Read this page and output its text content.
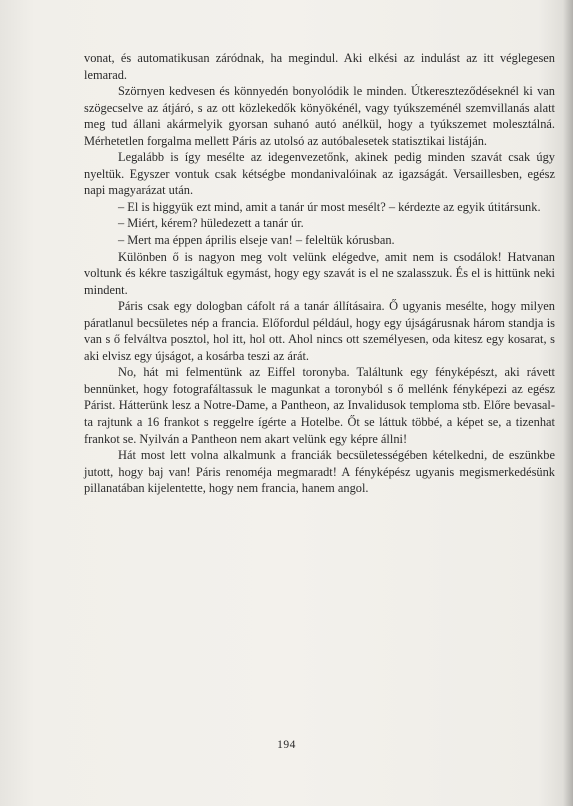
vonat, és automatikusan záródnak, ha megindul. Aki elkési az indulást az itt véglegesen lemarad.

Szörnyen kedvesen és könnyedén bonyolódik le minden. Útkereszteződéseknél ki van szögecselve az átjáró, s az ott közlekedők könyökénél, vagy tyúkszeménél szemvillanás alatt meg tud állani akármelyik gyorsan suhanó autó anélkül, hogy a tyúkszemet molesztálná. Mérhetetlen forgalma mellett Páris az utolsó az autóbalesetek statisztikai listáján.

Legalább is így mesélte az idegenvezetőnk, akinek pedig minden szavát csak úgy nyeltük. Egyszer vontuk csak kétségbe mondanivalóinak az igazságát. Versaillesben, egész napi magyarázat után.

– El is higgyük ezt mind, amit a tanár úr most mesélt? – kérdezte az egyik útitársunk.

– Miért, kérem? hüledezett a tanár úr.

– Mert ma éppen április elseje van! – feleltük kórusban.

Különben ő is nagyon meg volt velünk elégedve, amit nem is csodálok! Hatvanan voltunk és kékre taszigáltuk egymást, hogy egy szavát is el ne szalasszuk. És el is hittünk neki mindent.

Páris csak egy dologban cáfolt rá a tanár állításaira. Ő ugyanis mesélte, hogy milyen páratlanul becsületes nép a francia. Előfordul például, hogy egy újságárusnak három standja is van s ő felváltva posztol, hol itt, hol ott. Ahol nincs ott személyesen, oda kitesz egy kosarat, s aki elvisz egy újságot, a kosárba teszi az árát.

No, hát mi felmentünk az Eiffel toronyba. Találtunk egy fényképészt, aki rávett bennünket, hogy fotografáltassuk le magunkat a toronyból s ő mellénk fényképezi az egész Párist. Hátterünk lesz a Notre-Dame, a Pantheon, az Invalidusok temploma stb. Előre bevasalta rajtunk a 16 frankot s reggelre ígérte a Hotelbe. Őt se láttuk többé, a képet se, a tizenhat frankot se. Nyilván a Pantheon nem akart velünk egy képre állni!

Hát most lett volna alkalmunk a franciák becsületességében kételkedni, de eszünkbe jutott, hogy baj van! Páris renoméja megmaradt! A fényképész ugyanis megismerkedésünk pillanatában kijelentette, hogy nem francia, hanem angol.

194
